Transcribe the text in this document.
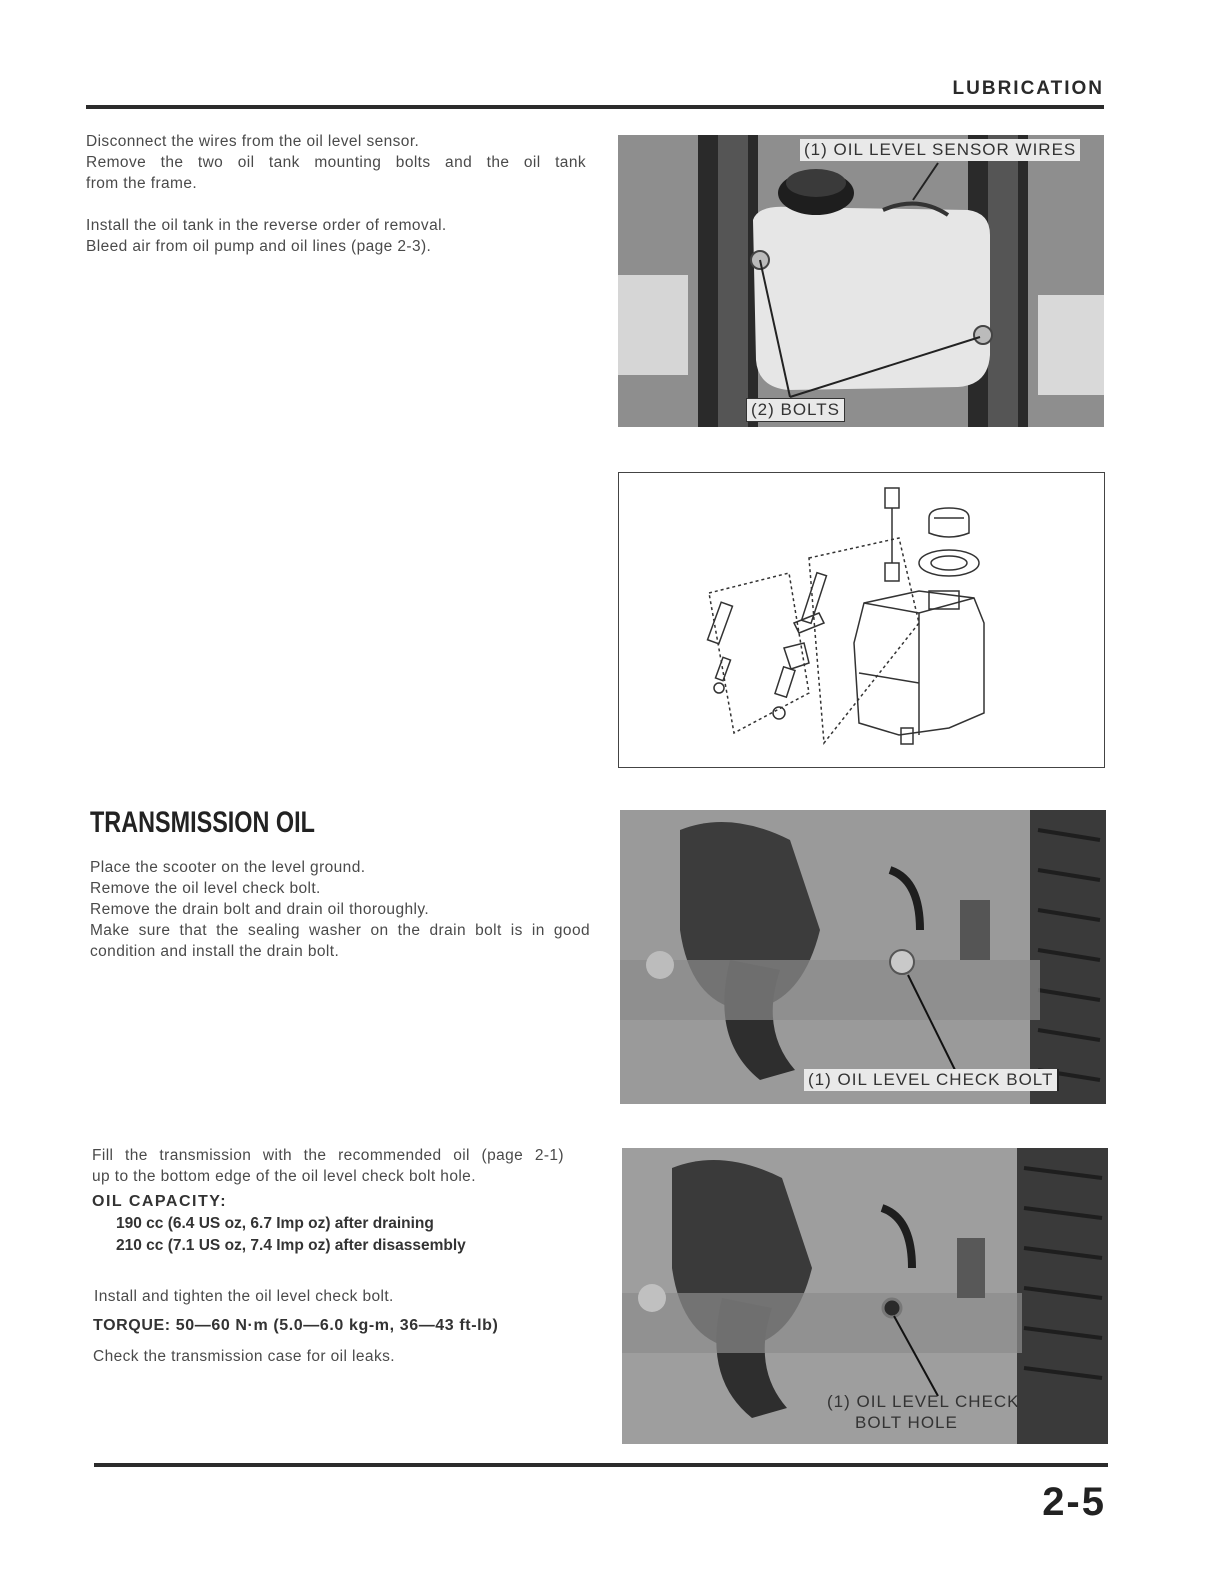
LUBRICATION
Disconnect the wires from the oil level sensor.
Remove the two oil tank mounting bolts and the oil tank
from the frame.
Install the oil tank in the reverse order of removal.
Bleed air from oil pump and oil lines (page 2-3).
(1) OIL LEVEL SENSOR WIRES
(2) BOLTS
TRANSMISSION OIL
Place the scooter on the level ground.
Remove the oil level check bolt.
Remove the drain bolt and drain oil thoroughly.
Make sure that the sealing washer on the drain bolt is in good
condition and install the drain bolt.
(1) OIL LEVEL CHECK BOLT
Fill the transmission with the recommended oil (page 2-1)
up to the bottom edge of the oil level check bolt hole.
OIL CAPACITY:
190 cc (6.4 US oz, 6.7 Imp oz) after draining
210 cc (7.1 US oz, 7.4 Imp oz) after disassembly
Install and tighten the oil level check bolt.
TORQUE: 50—60 N·m (5.0—6.0 kg-m, 36—43 ft-lb)
Check the transmission case for oil leaks.
(1) OIL LEVEL CHECK
BOLT HOLE
2-5
